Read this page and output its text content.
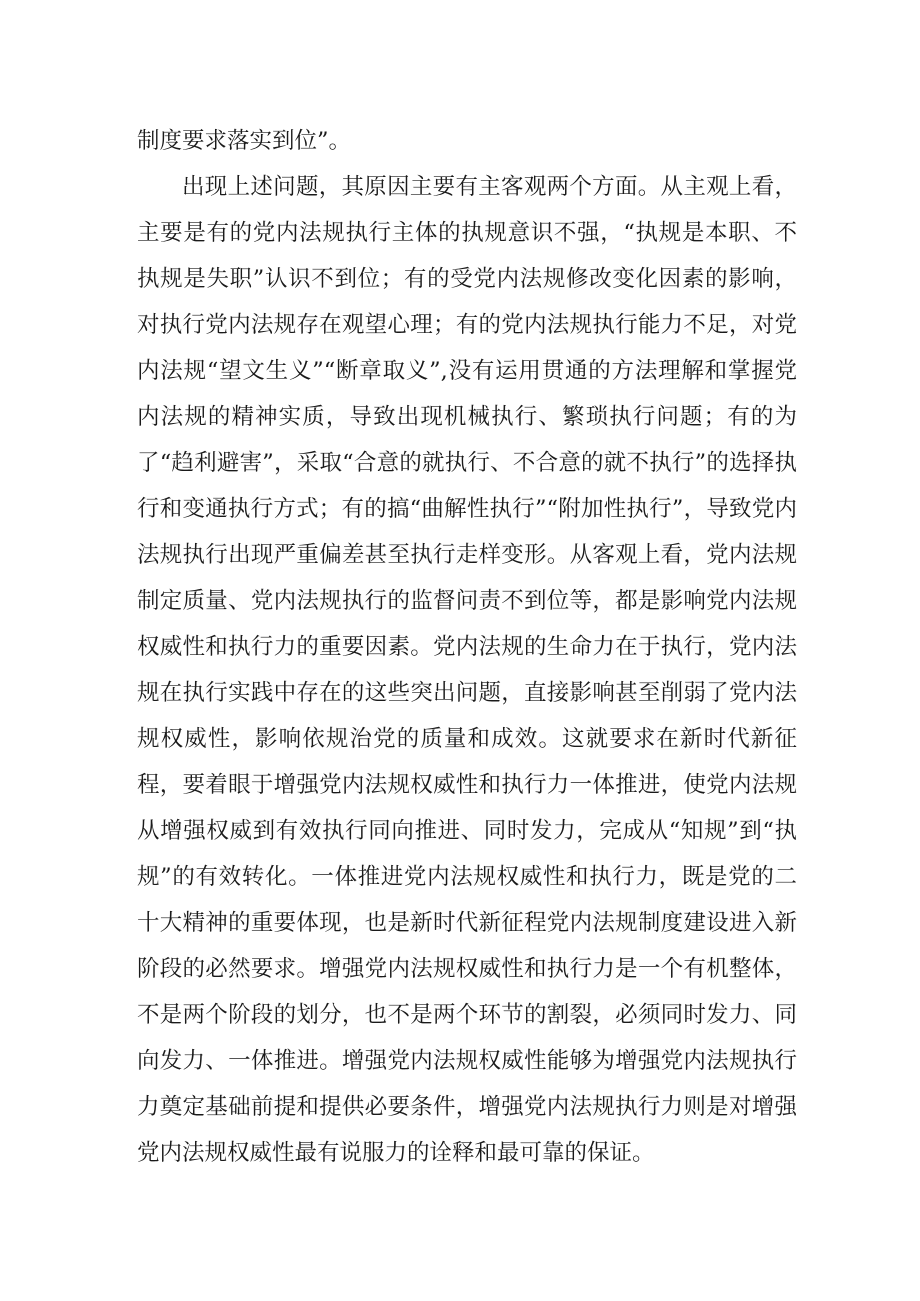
制度要求落实到位”。

出现上述问题，其原因主要有主客观两个方面。从主观上看，主要是有的党内法规执行主体的执规意识不强，“执规是本职、不执规是失职”认识不到位；有的受党内法规修改变化因素的影响，对执行党内法规存在观望心理；有的党内法规执行能力不足，对党内法规“望文生义”“断章取义”,没有运用贯通的方法理解和掌握党内法规的精神实质，导致出现机械执行、繁琐执行问题；有的为了“趋利避害”，采取“合意的就执行、不合意的就不执行”的选择执行和变通执行方式；有的搞“曲解性执行”“附加性执行”，导致党内法规执行出现严重偏差甚至执行走样变形。从客观上看，党内法规制定质量、党内法规执行的监督问责不到位等，都是影响党内法规权威性和执行力的重要因素。党内法规的生命力在于执行，党内法规在执行实践中存在的这些突出问题，直接影响甚至削弱了党内法规权威性，影响依规治党的质量和成效。这就要求在新时代新征程，要着眼于增强党内法规权威性和执行力一体推进，使党内法规从增强权威到有效执行同向推进、同时发力，完成从“知规”到“执规”的有效转化。一体推进党内法规权威性和执行力，既是党的二十大精神的重要体现，也是新时代新征程党内法规制度建设进入新阶段的必然要求。增强党内法规权威性和执行力是一个有机整体，不是两个阶段的划分，也不是两个环节的割裂，必须同时发力、同向发力、一体推进。增强党内法规权威性能够为增强党内法规执行力奠定基础前提和提供必要条件，增强党内法规执行力则是对增强党内法规权威性最有说服力的诠释和最可靠的保证。
